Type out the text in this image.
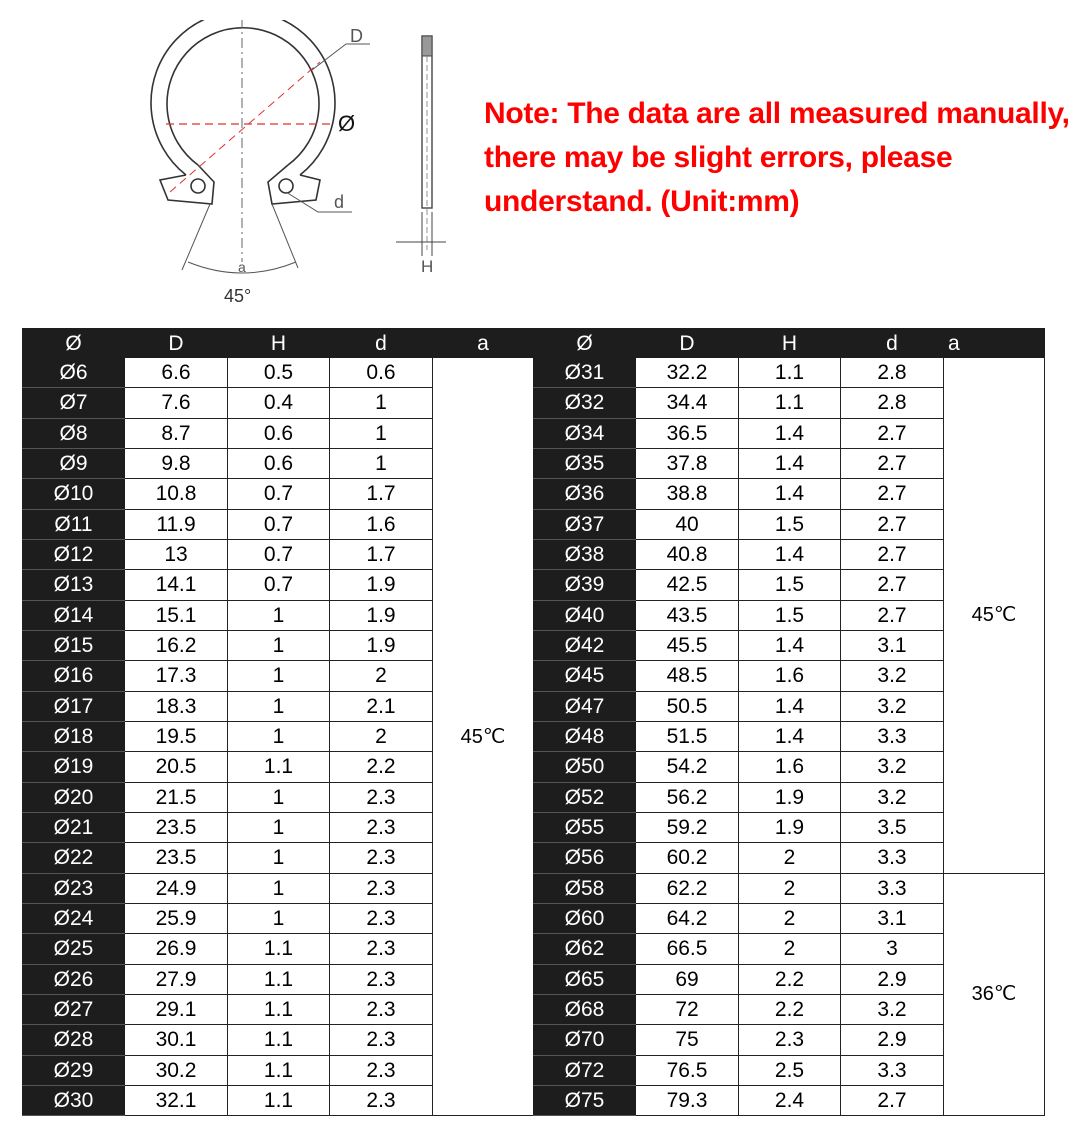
D
Ø
d
a
45°
H

Note: The data are all measured manually,
there may be slight errors, please
understand. (Unit:mm)

Ø	D	H	d	a
Ø6	6.6	0.5	0.6	45℃
Ø7	7.6	0.4	1	
Ø8	8.7	0.6	1	
Ø9	9.8	0.6	1	
Ø10	10.8	0.7	1.7	
Ø11	11.9	0.7	1.6	
Ø12	13	0.7	1.7	
Ø13	14.1	0.7	1.9	
Ø14	15.1	1	1.9	
Ø15	16.2	1	1.9	
Ø16	17.3	1	2	
Ø17	18.3	1	2.1	
Ø18	19.5	1	2	
Ø19	20.5	1.1	2.2	
Ø20	21.5	1	2.3	
Ø21	23.5	1	2.3	
Ø22	23.5	1	2.3	
Ø23	24.9	1	2.3	
Ø24	25.9	1	2.3	
Ø25	26.9	1.1	2.3	
Ø26	27.9	1.1	2.3	
Ø27	29.1	1.1	2.3	
Ø28	30.1	1.1	2.3	
Ø29	30.2	1.1	2.3	
Ø30	32.1	1.1	2.3	
Ø	D	H	d	a
Ø31	32.2	1.1	2.8	45℃
Ø32	34.4	1.1	2.8	
Ø34	36.5	1.4	2.7	
Ø35	37.8	1.4	2.7	
Ø36	38.8	1.4	2.7	
Ø37	40	1.5	2.7	
Ø38	40.8	1.4	2.7	
Ø39	42.5	1.5	2.7	
Ø40	43.5	1.5	2.7	
Ø42	45.5	1.4	3.1	
Ø45	48.5	1.6	3.2	
Ø47	50.5	1.4	3.2	
Ø48	51.5	1.4	3.3	
Ø50	54.2	1.6	3.2	
Ø52	56.2	1.9	3.2	
Ø55	59.2	1.9	3.5	
Ø56	60.2	2	3.3	
Ø58	62.2	2	3.3	36℃
Ø60	64.2	2	3.1	
Ø62	66.5	2	3	
Ø65	69	2.2	2.9	
Ø68	72	2.2	3.2	
Ø70	75	2.3	2.9	
Ø72	76.5	2.5	3.3	
Ø75	79.3	2.4	2.7	
